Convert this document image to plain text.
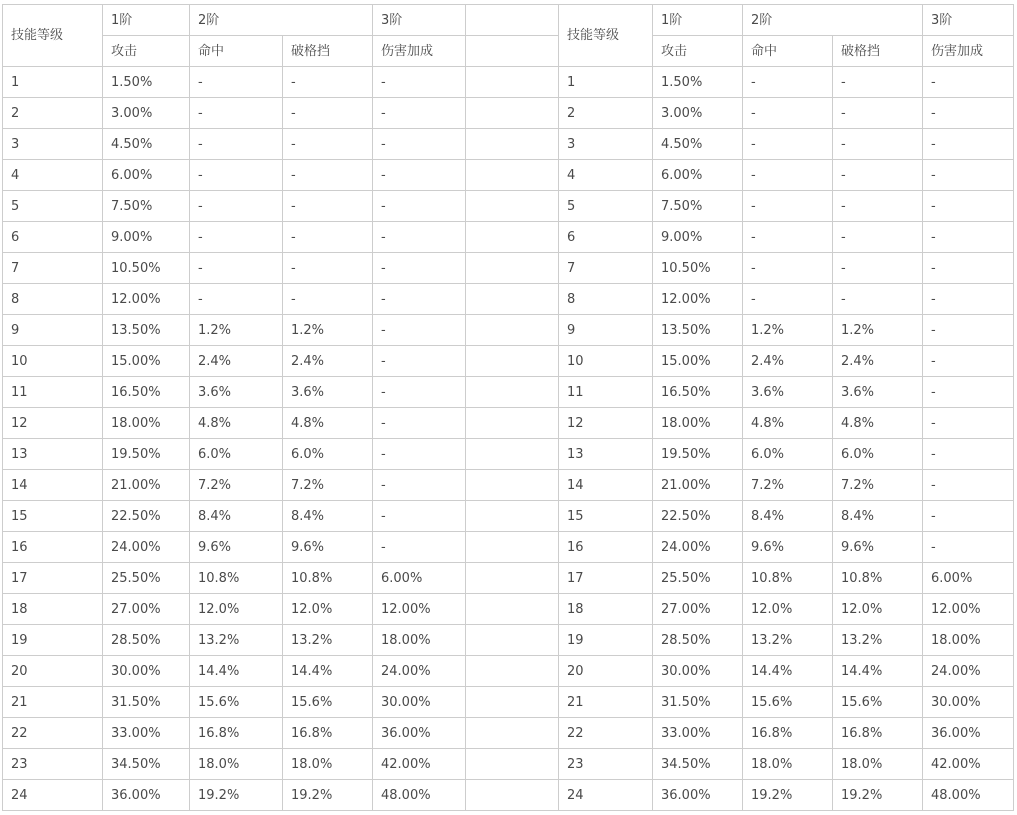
技能等级	1阶	2阶		3阶		技能等级	1阶	2阶		3阶
	攻击	命中	破格挡	伤害加成			攻击	命中	破格挡	伤害加成
1	1.50%	-	-	-		1	1.50%	-	-	-
2	3.00%	-	-	-		2	3.00%	-	-	-
3	4.50%	-	-	-		3	4.50%	-	-	-
4	6.00%	-	-	-		4	6.00%	-	-	-
5	7.50%	-	-	-		5	7.50%	-	-	-
6	9.00%	-	-	-		6	9.00%	-	-	-
7	10.50%	-	-	-		7	10.50%	-	-	-
8	12.00%	-	-	-		8	12.00%	-	-	-
9	13.50%	1.2%	1.2%	-		9	13.50%	1.2%	1.2%	-
10	15.00%	2.4%	2.4%	-		10	15.00%	2.4%	2.4%	-
11	16.50%	3.6%	3.6%	-		11	16.50%	3.6%	3.6%	-
12	18.00%	4.8%	4.8%	-		12	18.00%	4.8%	4.8%	-
13	19.50%	6.0%	6.0%	-		13	19.50%	6.0%	6.0%	-
14	21.00%	7.2%	7.2%	-		14	21.00%	7.2%	7.2%	-
15	22.50%	8.4%	8.4%	-		15	22.50%	8.4%	8.4%	-
16	24.00%	9.6%	9.6%	-		16	24.00%	9.6%	9.6%	-
17	25.50%	10.8%	10.8%	6.00%		17	25.50%	10.8%	10.8%	6.00%
18	27.00%	12.0%	12.0%	12.00%		18	27.00%	12.0%	12.0%	12.00%
19	28.50%	13.2%	13.2%	18.00%		19	28.50%	13.2%	13.2%	18.00%
20	30.00%	14.4%	14.4%	24.00%		20	30.00%	14.4%	14.4%	24.00%
21	31.50%	15.6%	15.6%	30.00%		21	31.50%	15.6%	15.6%	30.00%
22	33.00%	16.8%	16.8%	36.00%		22	33.00%	16.8%	16.8%	36.00%
23	34.50%	18.0%	18.0%	42.00%		23	34.50%	18.0%	18.0%	42.00%
24	36.00%	19.2%	19.2%	48.00%		24	36.00%	19.2%	19.2%	48.00%
